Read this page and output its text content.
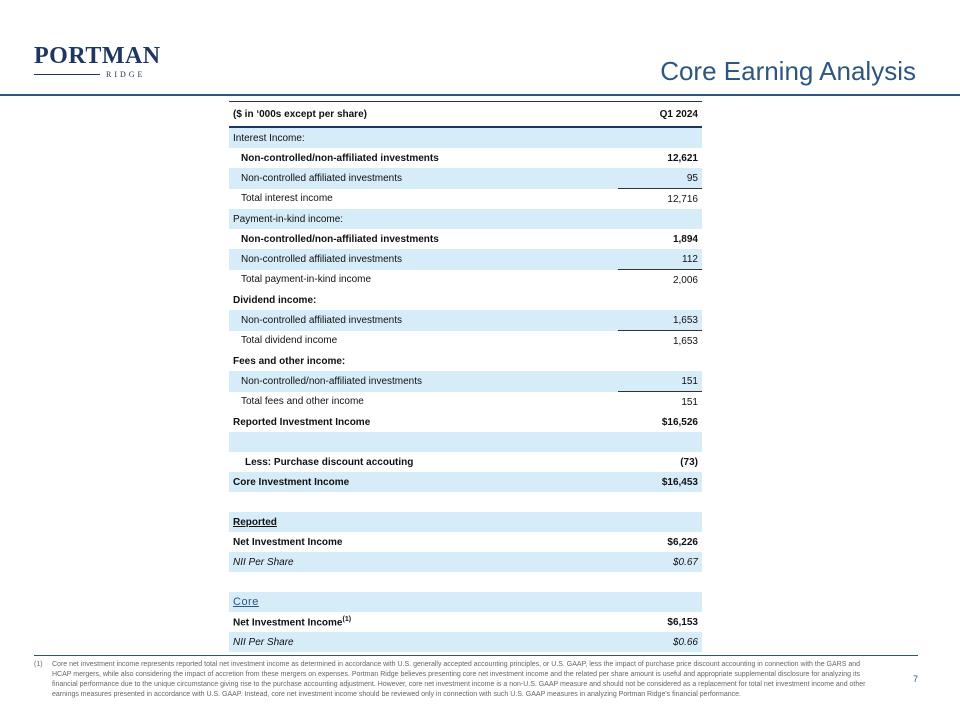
PORTMAN
RIDGE	Core Earning Analysis
($ in ‘000s except per share)	Q1 2024
Interest Income:	
Non-controlled/non-affiliated investments	12,621
Non-controlled affiliated investments	95
Total interest income	12,716
Payment-in-kind income:	
Non-controlled/non-affiliated investments	1,894
Non-controlled affiliated investments	112
Total payment-in-kind income	2,006
Dividend income:	
Non-controlled affiliated investments	1,653
Total dividend income	1,653
Fees and other income:	
Non-controlled/non-affiliated investments	151
Total fees and other income	151
Reported Investment Income	$16,526

Less: Purchase discount accouting	(73)
Core Investment Income	$16,453

Reported	
Net Investment Income	$6,226
NII Per Share	$0.67

Core	
Net Investment Income$^{(1)}$	$6,153
NII Per Share	$0.66
(1)	Core net investment income represents reported total net investment income as determined in accordance with U.S. generally accepted accounting principles, or U.S. GAAP, less the impact of purchase price discount accounting in connection with the GARS and HCAP mergers, while also considering the impact of accretion from these mergers on expenses. Portman Ridge believes presenting core net investment income and the related per share amount is useful and appropriate supplemental disclosure for analyzing its financial performance due to the unique circumstance giving rise to the purchase accounting adjustment. However, core net investment income is a non-U.S. GAAP measure and should not be considered as a replacement for total net investment income and other earnings measures presented in accordance with U.S. GAAP. Instead, core net investment income should be reviewed only in connection with such U.S. GAAP measures in analyzing Portman Ridge's financial performance.
7
